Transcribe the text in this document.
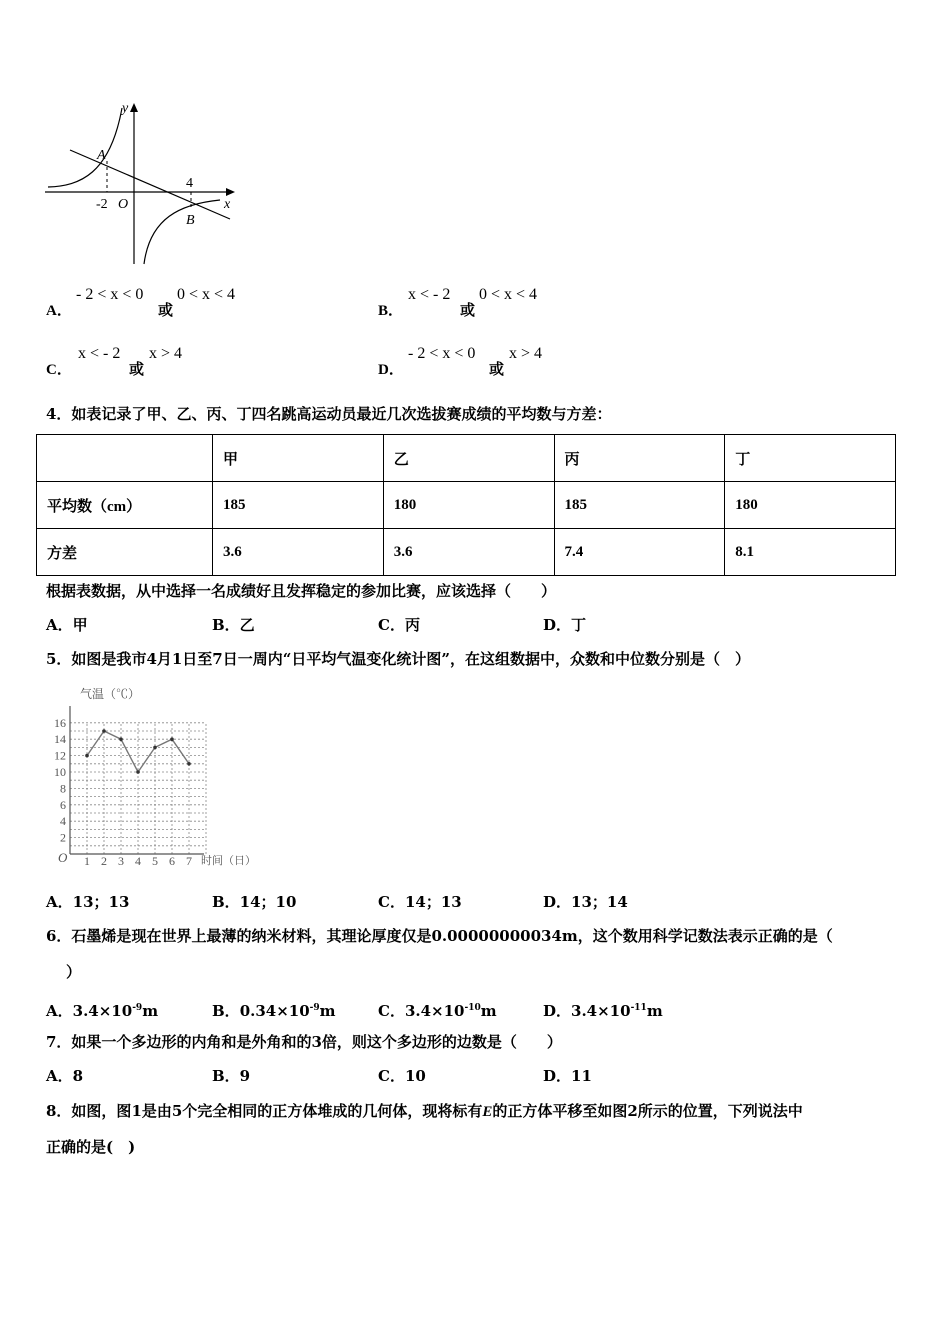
A
B
y
x
-2 O
4
A．
- 2 < x < 0
或
0 < x < 4
B．
x < - 2
或
0 < x < 4
C．
x < - 2
或
x > 4
D．
- 2 < x < 0
或
x > 4
4．如表记录了甲、乙、丙、丁四名跳高运动员最近几次选拔赛成绩的平均数与方差：
	甲	乙	丙	丁
平均数（cm）	185	180	185	180
方差	3.6	3.6	7.4	8.1
根据表数据，从中选择一名成绩好且发挥稳定的参加比赛，应该选择（　　）
A．甲	B．乙	C．丙	D．丁
5．如图是我市4月1日至7日一周内“日平均气温变化统计图”，在这组数据中，众数和中位数分别是（　）
2
4
6
8
10
12
14
16
1 2 3 4 5 6 7
气温（℃）
时间（日）
O
A．13；13	B．14；10	C．14；13	D．13；14
6．石墨烯是现在世界上最薄的纳米材料，其理论厚度仅是0.00000000034m，这个数用科学记数法表示正确的是（
）
A．$3.4\times 10^{-9}m$	B．$0.34\times 10^{-9}m$	C．$3.4\times 10^{-10}m$	D．$3.4\times 10^{-11}m$
7．如果一个多边形的内角和是外角和的3倍，则这个多边形的边数是（　　）
A．8	B．9	C．10	D．11
8．如图，图1是由5个完全相同的正方体堆成的几何体，现将标有E的正方体平移至如图2所示的位置，下列说法中
正确的是(　)
